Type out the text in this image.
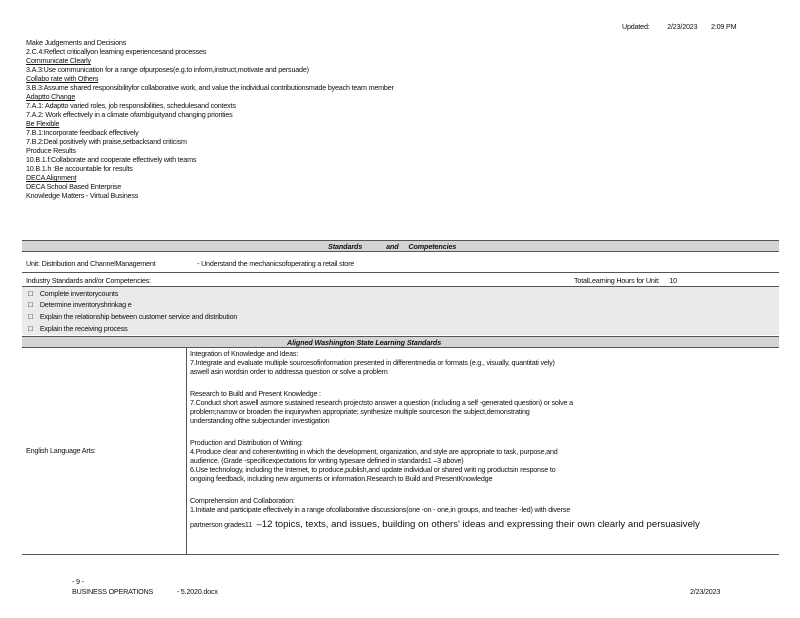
Updated: 2/23/2023 2:09 PM
Make Judgements and Decisions
2.C.4:Reflect criticallyon learning experiencesand processes
Communicate Clearly
3.A.3:Use communication for a range ofpurposes(e.g.to inform,instruct,motivate and persuade)
Collabo rate with Others
3.B.3:Assume shared responsibilityfor collaborative work, and value the individual contributionsmade byeach team member
Adaptto Change
7.A.1: Adaptto varied roles, job responsibilities, schedulesand contexts
7.A.2: Work effectively in a climate ofambiguityand changing priorities
Be Flexible
7.B.1:Incorporate feedback effectively
7.B.2:Deal positively with praise,setbacksand criticism
Produce Results
10.B.1.f:Collaborate and cooperate effectively with teams
10.B.1.h :Be accountable for results
DECA Alignment
DECA School Based Enterprise
Knowledge Matters - Virtual Business
Standards	and Competencies
Unit: Distribution and ChannelManagement	- Understand the mechanicsofoperating a retail store
Industry Standards and/or Competencies:	TotalLearning Hours for Unit: 10
□ Complete inventorycounts
□ Determine inventoryshrinkag e
□ Explain the relationship between customer service and distribution
□ Explain the receiving process
Aligned Washington State Learning Standards
English Language Arts:
Integration of Knowledge and Ideas:
7.Integrate and evaluate multiple sourcesofinformation presented in differentmedia or formats (e.g., visually, quantitati vely)
aswell asin wordsin order to addressa question or solve a problem
Research to Build and Present Knowledge :
7.Conduct short aswell asmore sustained research projectsto answer a question (including a self -generated question) or solve a
problem;narrow or broaden the inquirywhen appropriate; synthesize multiple sourceson the subject,demonstrating
understanding ofthe subjectunder investigation
Production and Distribution of Writing:
4.Produce clear and coherentwriting in which the development, organization, and style are appropriate to task, purpose,and
audience. (Grade -specificexpectations for writing typesare defined in standards1 –3 above)
6.Use technology, including the Internet, to produce,publish,and update individual or shared writi ng productsin response to
ongoing feedback, including new arguments or information.Research to Build and PresentKnowledge
Comprehension and Collaboration:
1.Initiate and participate effectively in a range ofcollaborative discussions(one -on - one,in groups, and teacher -led) with diverse
partnerson grades11 –12 topics, texts, and issues, building on others' ideas and expressing their own clearly and persuasively
- 9 -
BUSINESS OPERATIONS	- 5.2020.docx	2/23/2023
